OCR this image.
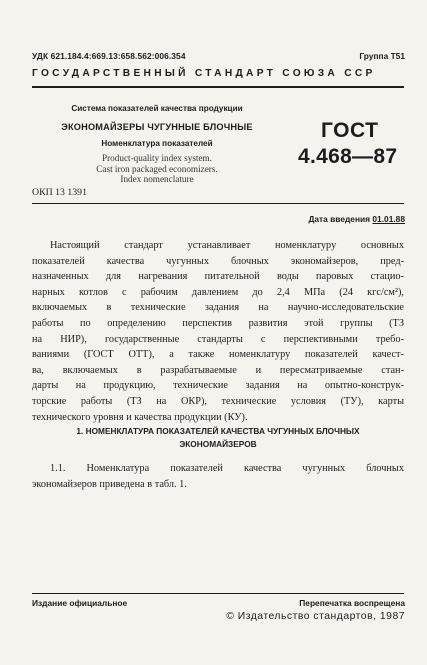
УДК 621.184.4:669.13:658.562:006.354	Группа Т51
ГОСУДАРСТВЕННЫЙ СТАНДАРТ СОЮЗА ССР
Система показателей качества продукции
ЭКОНОМАЙЗЕРЫ ЧУГУННЫЕ БЛОЧНЫЕ
Номенклатура показателей
Product-quality index system.
Cast iron packaged economizers.
Index nomenclature
ГОСТ
4.468—87
ОКП 13 1391
Дата введения 01.01.88
Настоящий стандарт устанавливает номенклатуру основных
показателей качества чугунных блочных экономайзеров, пред-
назначенных для нагревания питательной воды паровых стацио-
нарных котлов с рабочим давлением до 2,4 МПа (24 кгс/см²),
включаемых в технические задания на научно-исследовательские
работы по определению перспектив развития этой группы (ТЗ
на НИР), государственные стандарты с перспективными требо-
ваниями (ГОСТ ОТТ), а также номенклатуру показателей качест-
ва, включаемых в разрабатываемые и пересматриваемые стан-
дарты на продукцию, технические задания на опытно-конструк-
торские работы (ТЗ на ОКР), технические условия (ТУ), карты
технического уровня и качества продукции (КУ).
1. НОМЕНКЛАТУРА ПОКАЗАТЕЛЕЙ КАЧЕСТВА ЧУГУННЫХ БЛОЧНЫХ
ЭКОНОМАЙЗЕРОВ
1.1. Номенклатура показателей качества чугунных блочных
экономайзеров приведена в табл. 1.
Издание официальное	Перепечатка воспрещена
© Издательство стандартов, 1987
